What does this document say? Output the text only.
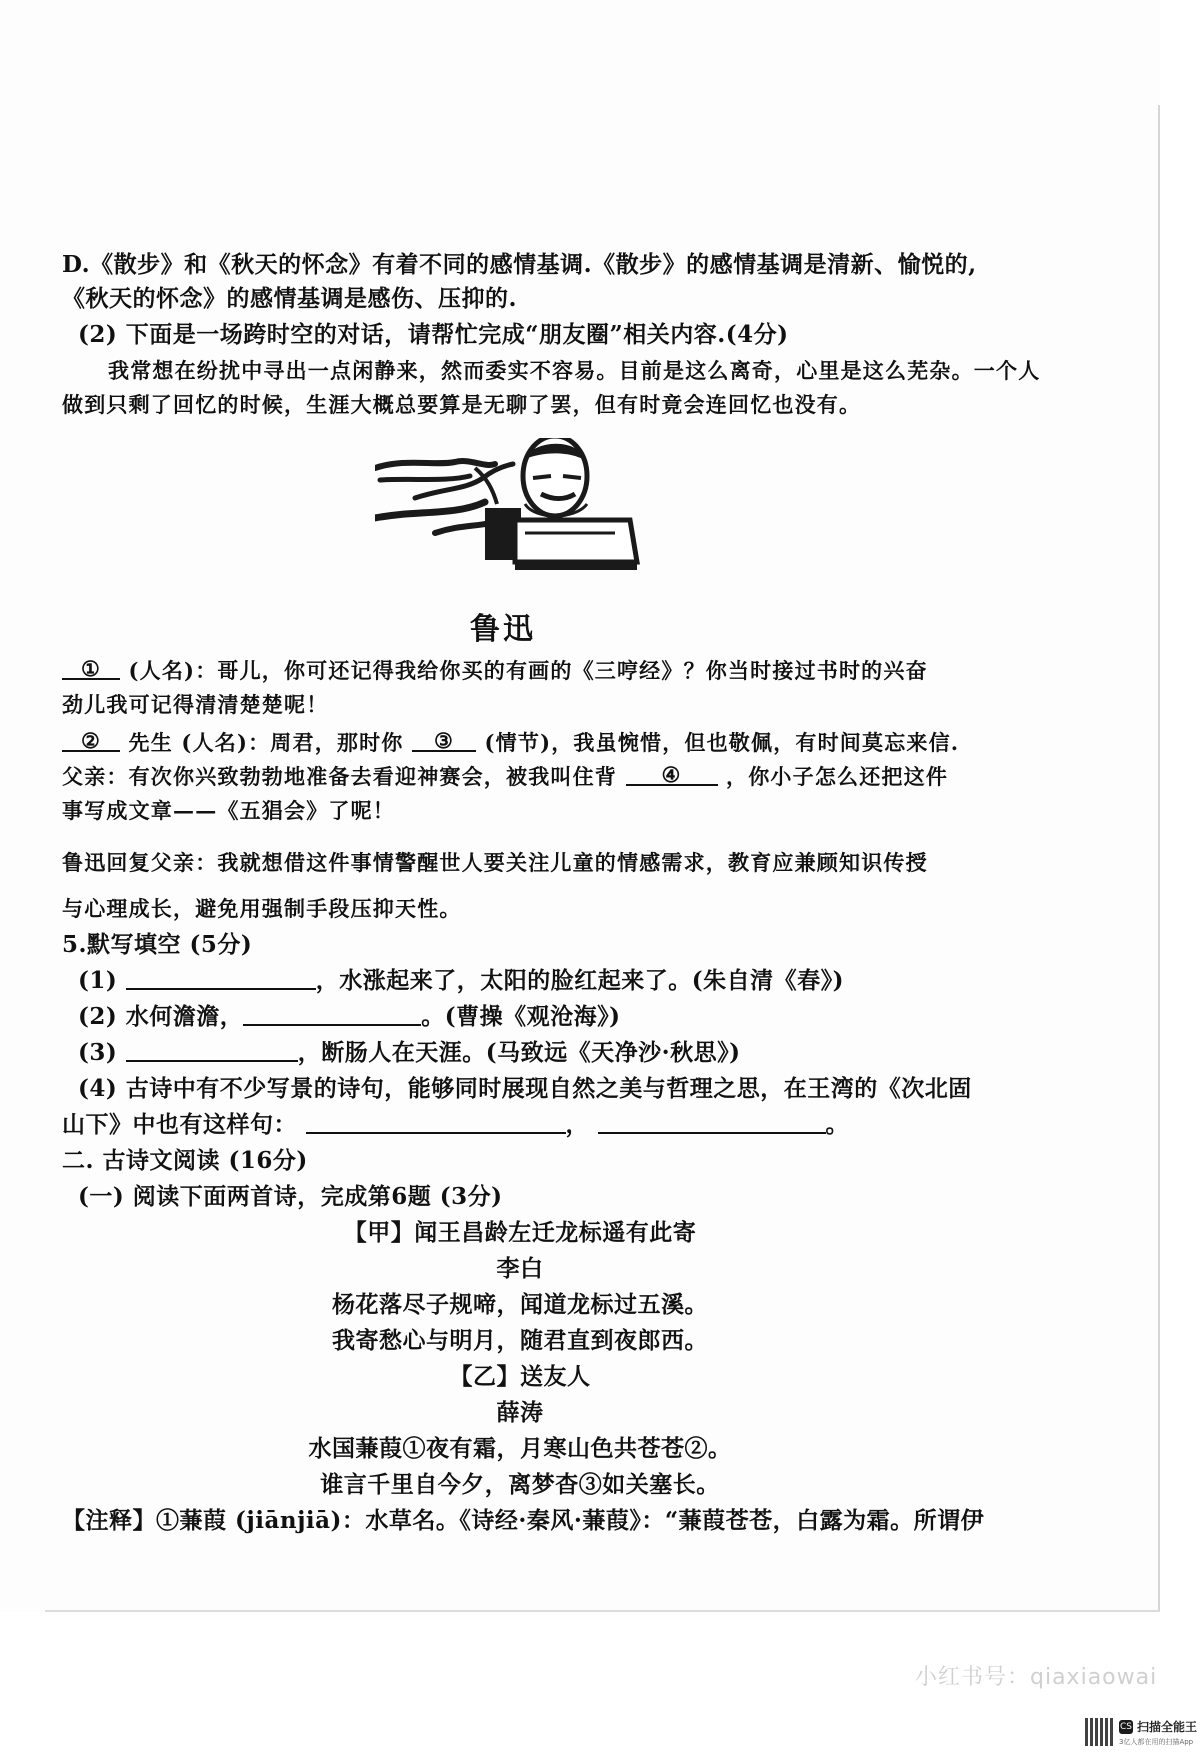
D.《散步》和《秋天的怀念》有着不同的感情基调.《散步》的感情基调是清新、愉悦的,
《秋天的怀念》的感情基调是感伤、压抑的.
(2) 下面是一场跨时空的对话，请帮忙完成“朋友圈”相关内容.(4分)
我常想在纷扰中寻出一点闲静来，然而委实不容易。目前是这么离奇，心里是这么芜杂。一个人
做到只剩了回忆的时候，生涯大概总要算是无聊了罢，但有时竟会连回忆也没有。
鲁迅
① (人名)：哥儿，你可还记得我给你买的有画的《三哼经》？你当时接过书时的兴奋
劲儿我可记得清清楚楚呢！
② 先生 (人名)：周君，那时你 ③ (情节)，我虽惋惜，但也敬佩，有时间莫忘来信.
父亲：有次你兴致勃勃地准备去看迎神赛会，被我叫住背 ④ ，你小子怎么还把这件
事写成文章——《五猖会》了呢！
鲁迅回复父亲：我就想借这件事情警醒世人要关注儿童的情感需求，教育应兼顾知识传授
与心理成长，避免用强制手段压抑天性。
5.默写填空 (5分)
(1)	，水涨起来了，太阳的脸红起来了。(朱自清《春》)
(2) 水何澹澹，	。(曹操《观沧海》)
(3)	，断肠人在天涯。(马致远《天净沙·秋思》)
(4) 古诗中有不少写景的诗句，能够同时展现自然之美与哲理之思，在王湾的《次北固
山下》中也有这样句：	，	。
二. 古诗文阅读 (16分)
(一) 阅读下面两首诗，完成第6题 (3分)
【甲】闻王昌龄左迁龙标遥有此寄
李白
杨花落尽子规啼，闻道龙标过五溪。
我寄愁心与明月，随君直到夜郎西。
【乙】送友人
薛涛
水国蒹葭①夜有霜，月寒山色共苍苍②。
谁言千里自今夕，离梦杳③如关塞长。
【注释】①蒹葭 (jiānjiā)：水草名。《诗经·秦风·蒹葭》：“蒹葭苍苍，白露为霜。所谓伊
小红书号：qiaxiaowai
CS 扫描全能王
3亿人都在用的扫描App
